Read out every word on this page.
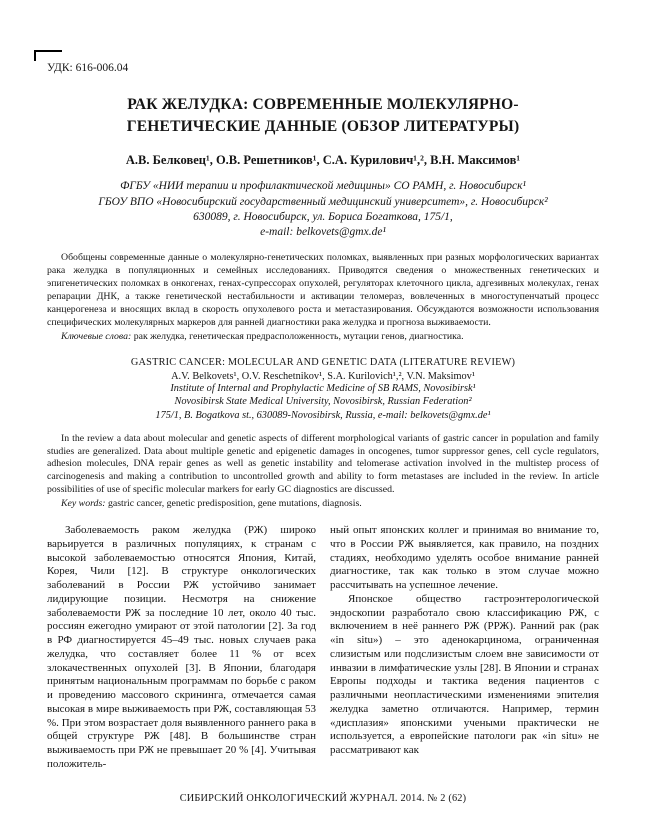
УДК: 616-006.04
РАК ЖЕЛУДКА: СОВРЕМЕННЫЕ МОЛЕКУЛЯРНО-ГЕНЕТИЧЕСКИЕ ДАННЫЕ (ОБЗОР ЛИТЕРАТУРЫ)
А.В. Белковец¹, О.В. Решетников¹, С.А. Курилович¹,², В.Н. Максимов¹
ФГБУ «НИИ терапии и профилактической медицины» СО РАМН, г. Новосибирск¹
ГБОУ ВПО «Новосибирский государственный медицинский университет», г. Новосибирск²
630089, г. Новосибирск, ул. Бориса Богаткова, 175/1,
e-mail: belkovets@gmx.de¹

Обобщены современные данные о молекулярно-генетических поломках, выявленных при разных морфологических вариантах рака желудка в популяционных и семейных исследованиях. Приводятся сведения о множественных генетических и эпигенетических поломках в онкогенах, генах-супрессорах опухолей, регуляторах клеточного цикла, адгезивных молекулах, генах репарации ДНК, а также генетической нестабильности и активации теломераз, вовлеченных в многоступенчатый процесс канцерогенеза и вносящих вклад в скорость опухолевого роста и метастазирования. Обсуждаются возможности использования специфических молекулярных маркеров для ранней диагностики рака желудка и прогноза выживаемости.

Ключевые слова: рак желудка, генетическая предрасположенность, мутации генов, диагностика.

GASTRIC CANCER: MOLECULAR AND GENETIC DATA (LITERATURE REVIEW)
A.V. Belkovets¹, O.V. Reschetnikov¹, S.A. Kurilovich¹,², V.N. Maksimov¹
Institute of Internal and Prophylactic Medicine of SB RAMS, Novosibirsk¹
Novosibirsk State Medical University, Novosibirsk, Russian Federation²
175/1, B. Bogatkova st., 630089-Novosibirsk, Russia, e-mail: belkovets@gmx.de¹

In the review a data about molecular and genetic aspects of different morphological variants of gastric cancer in population and family studies are generalized. Data about multiple genetic and epigenetic damages in oncogenes, tumor suppressor genes, cell cycle regulators, adhesion molecules, DNA repair genes as well as genetic instability and telomerase activation involved in the multistep process of carcinogenesis and making a contribution to uncontrolled growth and ability to form metastases are included in the review. In article possibilities of use of specific molecular markers for early GC diagnostics are discussed.

Key words: gastric cancer, genetic predisposition, gene mutations, diagnosis.

Заболеваемость раком желудка (РЖ) широко варьируется в различных популяциях, к странам с высокой заболеваемостью относятся Япония, Китай, Корея, Чили [12]. В структуре онкологических заболеваний в России РЖ устойчиво занимает лидирующие позиции. Несмотря на снижение заболеваемости РЖ за последние 10 лет, около 40 тыс. россиян ежегодно умирают от этой патологии [2]. За год в РФ диагностируется 45–49 тыс. новых случаев рака желудка, что составляет более 11 % от всех злокачественных опухолей [3]. В Японии, благодаря принятым национальным программам по борьбе с раком и проведению массового скрининга, отмечается самая высокая в мире выживаемость при РЖ, составляющая 53 %. При этом возрастает доля выявленного раннего рака в общей структуре РЖ [48]. В большинстве стран выживаемость при РЖ не превышает 20 % [4]. Учитывая положитель-

ный опыт японских коллег и принимая во внимание то, что в России РЖ выявляется, как правило, на поздних стадиях, необходимо уделять особое внимание ранней диагностике, так как только в этом случае можно рассчитывать на успешное лечение.

Японское общество гастроэнтерологической эндоскопии разработало свою классификацию РЖ, с включением в неё раннего РЖ (РРЖ). Ранний рак (рак «in situ») – это аденокарцинома, ограниченная слизистым или подслизистым слоем вне зависимости от инвазии в лимфатические узлы [28]. В Японии и странах Европы подходы и тактика ведения пациентов с различными неопластическими изменениями эпителия желудка заметно отличаются. Например, термин «дисплазия» японскими учеными практически не используется, а европейские патологи рак «in situ» не рассматривают как

СИБИРСКИЙ ОНКОЛОГИЧЕСКИЙ ЖУРНАЛ. 2014. № 2 (62)
